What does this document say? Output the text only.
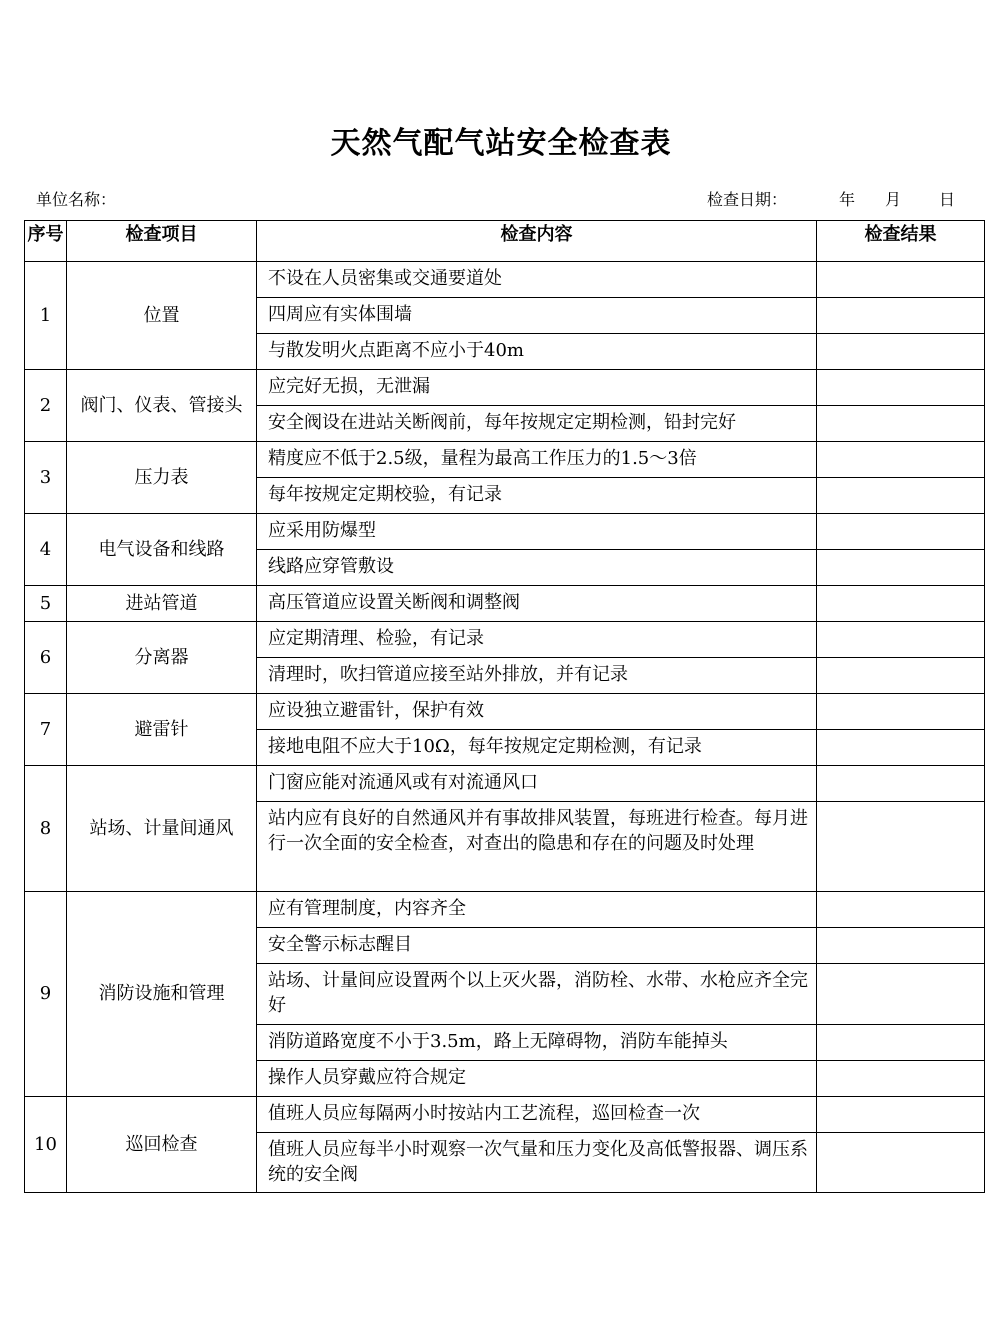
天然气配气站安全检查表
单位名称：	检查日期：	年 月 日
序号	检查项目	检查内容	检查结果
1	位置	不设在人员密集或交通要道处	
		四周应有实体围墙	
		与散发明火点距离不应小于40m	
2	阀门、仪表、管接头	应完好无损，无泄漏	
		安全阀设在进站关断阀前，每年按规定定期检测，铅封完好	
3	压力表	精度应不低于2.5级，量程为最高工作压力的1.5～3倍	
		每年按规定定期校验，有记录	
4	电气设备和线路	应采用防爆型	
		线路应穿管敷设	
5	进站管道	高压管道应设置关断阀和调整阀	
6	分离器	应定期清理、检验，有记录	
		清理时，吹扫管道应接至站外排放，并有记录	
7	避雷针	应设独立避雷针，保护有效	
		接地电阻不应大于10Ω，每年按规定定期检测，有记录	
8	站场、计量间通风	门窗应能对流通风或有对流通风口	
		站内应有良好的自然通风并有事故排风装置，每班进行检查。每月进行一次全面的安全检查，对查出的隐患和存在的问题及时处理	
9	消防设施和管理	应有管理制度，内容齐全	
		安全警示标志醒目	
		站场、计量间应设置两个以上灭火器，消防栓、水带、水枪应齐全完好	
		消防道路宽度不小于3.5m，路上无障碍物，消防车能掉头	
		操作人员穿戴应符合规定	
10	巡回检查	值班人员应每隔两小时按站内工艺流程，巡回检查一次	
		值班人员应每半小时观察一次气量和压力变化及高低警报器、调压系统的安全阀	
